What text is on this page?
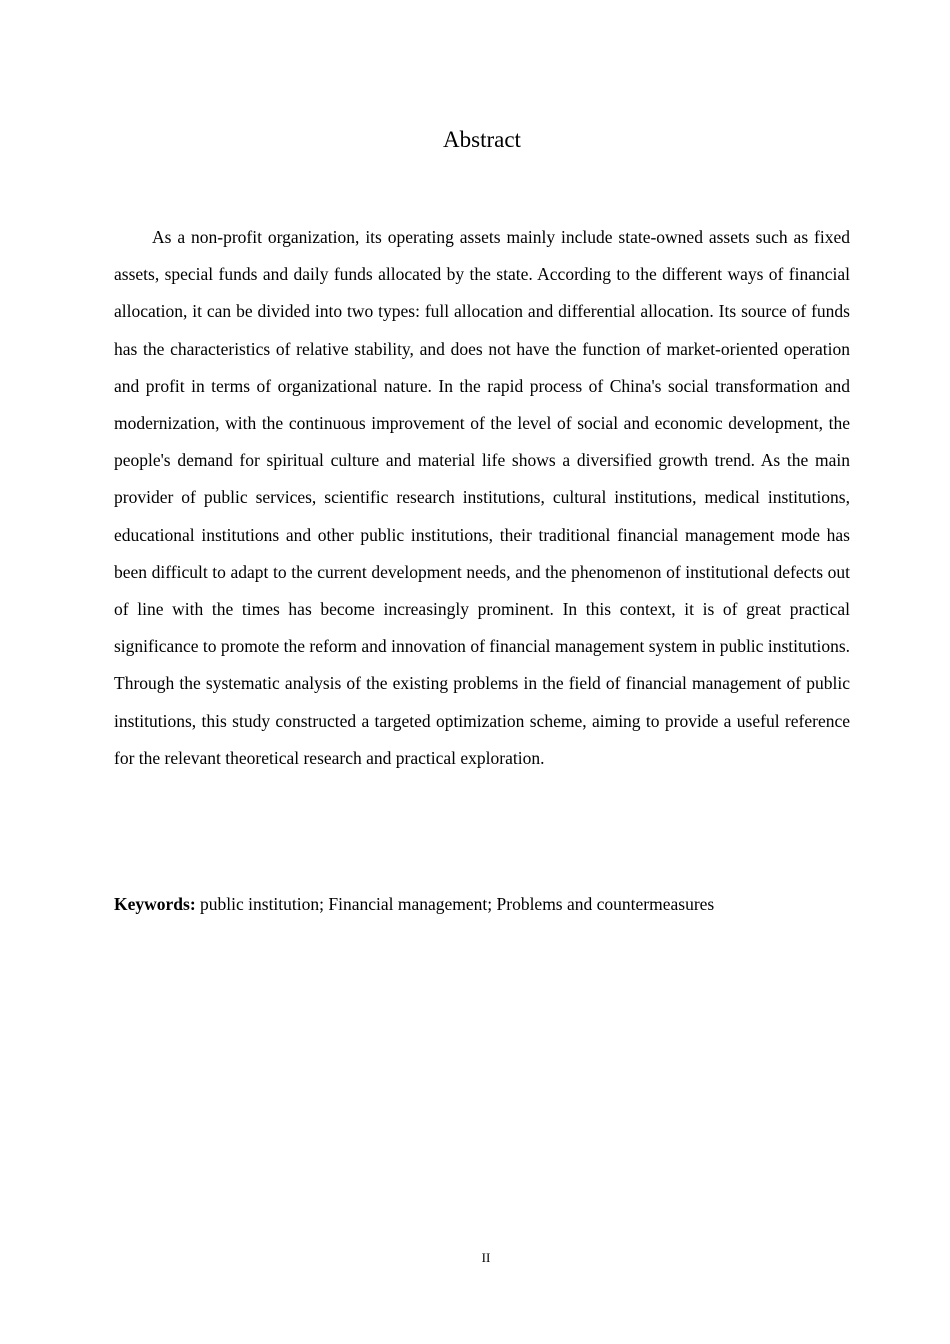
Abstract

As a non-profit organization, its operating assets mainly include state-owned assets such as fixed assets, special funds and daily funds allocated by the state. According to the different ways of financial allocation, it can be divided into two types: full allocation and differential allocation. Its source of funds has the characteristics of relative stability, and does not have the function of market-oriented operation and profit in terms of organizational nature. In the rapid process of China's social transformation and modernization, with the continuous improvement of the level of social and economic development, the people's demand for spiritual culture and material life shows a diversified growth trend. As the main provider of public services, scientific research institutions, cultural institutions, medical institutions, educational institutions and other public institutions, their traditional financial management mode has been difficult to adapt to the current development needs, and the phenomenon of institutional defects out of line with the times has become increasingly prominent. In this context, it is of great practical significance to promote the reform and innovation of financial management system in public institutions. Through the systematic analysis of the existing problems in the field of financial management of public institutions, this study constructed a targeted optimization scheme, aiming to provide a useful reference for the relevant theoretical research and practical exploration.

Keywords: public institution; Financial management; Problems and countermeasures

II
